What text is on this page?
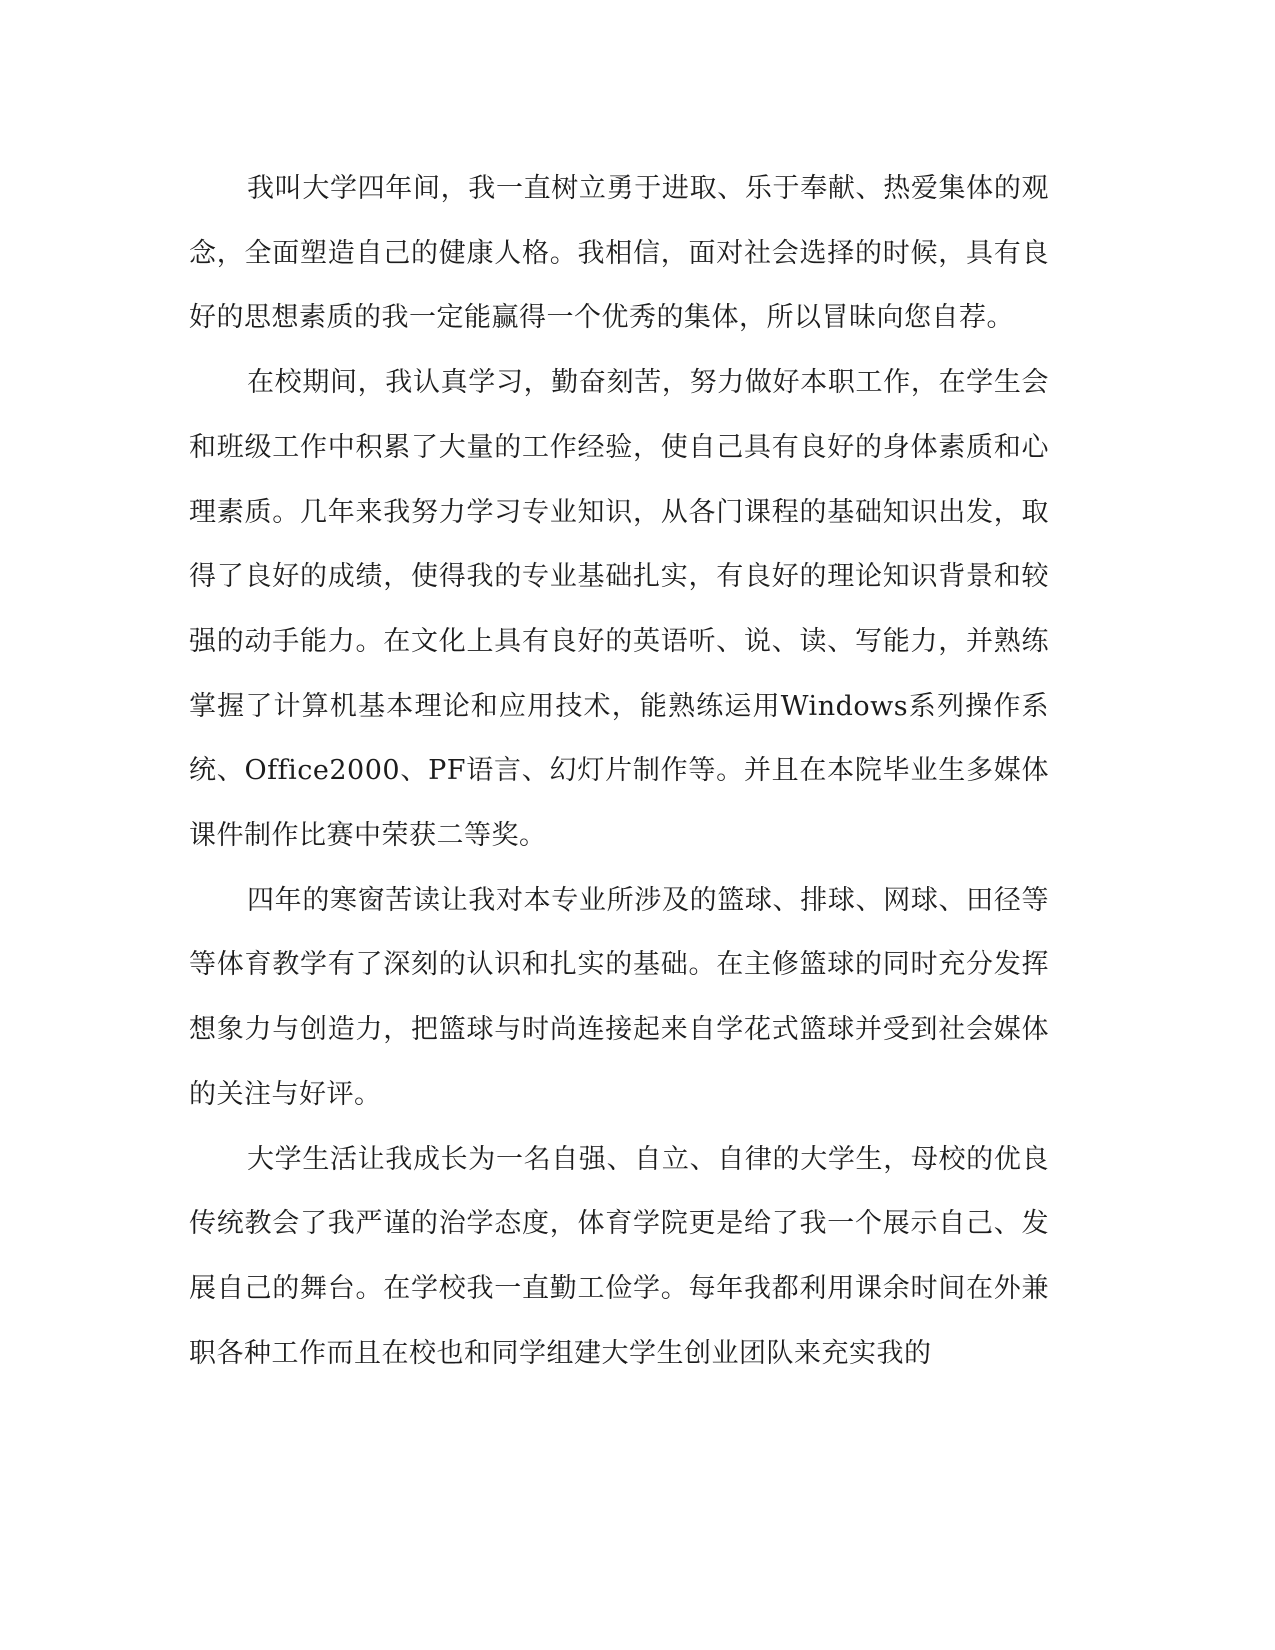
我叫大学四年间，我一直树立勇于进取、乐于奉献、热爱集体的观念，全面塑造自己的健康人格。我相信，面对社会选择的时候，具有良好的思想素质的我一定能赢得一个优秀的集体，所以冒昧向您自荐。

在校期间，我认真学习，勤奋刻苦，努力做好本职工作，在学生会和班级工作中积累了大量的工作经验，使自己具有良好的身体素质和心理素质。几年来我努力学习专业知识，从各门课程的基础知识出发，取得了良好的成绩，使得我的专业基础扎实，有良好的理论知识背景和较强的动手能力。在文化上具有良好的英语听、说、读、写能力，并熟练掌握了计算机基本理论和应用技术，能熟练运用Windows系列操作系统、Office2000、PF语言、幻灯片制作等。并且在本院毕业生多媒体课件制作比赛中荣获二等奖。

四年的寒窗苦读让我对本专业所涉及的篮球、排球、网球、田径等等体育教学有了深刻的认识和扎实的基础。在主修篮球的同时充分发挥想象力与创造力，把篮球与时尚连接起来自学花式篮球并受到社会媒体的关注与好评。

大学生活让我成长为一名自强、自立、自律的大学生，母校的优良传统教会了我严谨的治学态度，体育学院更是给了我一个展示自己、发展自己的舞台。在学校我一直勤工俭学。每年我都利用课余时间在外兼职各种工作而且在校也和同学组建大学生创业团队来充实我的
